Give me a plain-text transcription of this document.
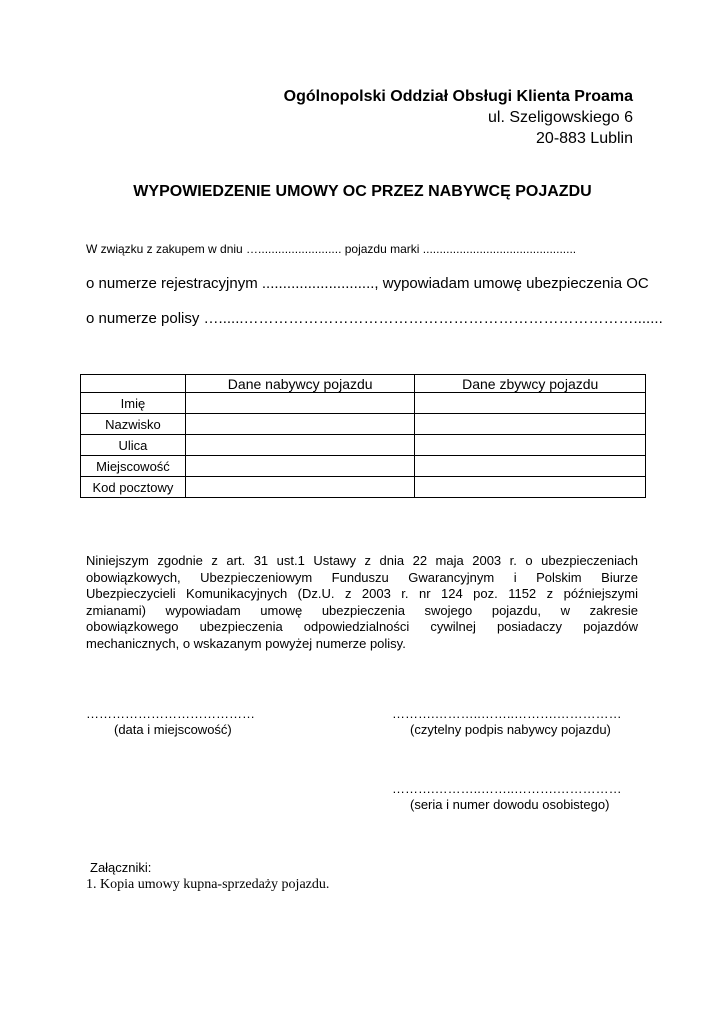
Ogólnopolski Oddział Obsługi Klienta Proama
ul. Szeligowskiego 6
20-883 Lublin
WYPOWIEDZENIE UMOWY OC PRZEZ NABYWCĘ POJAZDU
W związku z zakupem w dniu …......................... pojazdu marki ..............................................
o numerze rejestracyjnym ..........................., wypowiadam umowę ubezpieczenia OC
o numerze polisy …......…………………………………………………………………….......
	Dane nabywcy pojazdu	Dane zbywcy pojazdu
Imię		
Nazwisko		
Ulica		
Miejscowość		
Kod pocztowy		
Niniejszym zgodnie z art. 31 ust.1 Ustawy z dnia 22 maja 2003 r. o ubezpieczeniach
obowiązkowych, Ubezpieczeniowym Funduszu Gwarancyjnym i Polskim Biurze
Ubezpieczycieli Komunikacyjnych (Dz.U. z 2003 r. nr 124 poz. 1152 z późniejszymi
zmianami) wypowiadam umowę ubezpieczenia swojego pojazdu, w zakresie
obowiązkowego ubezpieczenia odpowiedzialności cywilnej posiadaczy pojazdów
mechanicznych, o wskazanym powyżej numerze polisy.
…………………………………
(data i miejscowość)
……….………..……..……….……………
(czytelny podpis nabywcy pojazdu)
……….………..……..……….……………
(seria i numer dowodu osobistego)
Załączniki:
1. Kopia umowy kupna-sprzedaży pojazdu.
